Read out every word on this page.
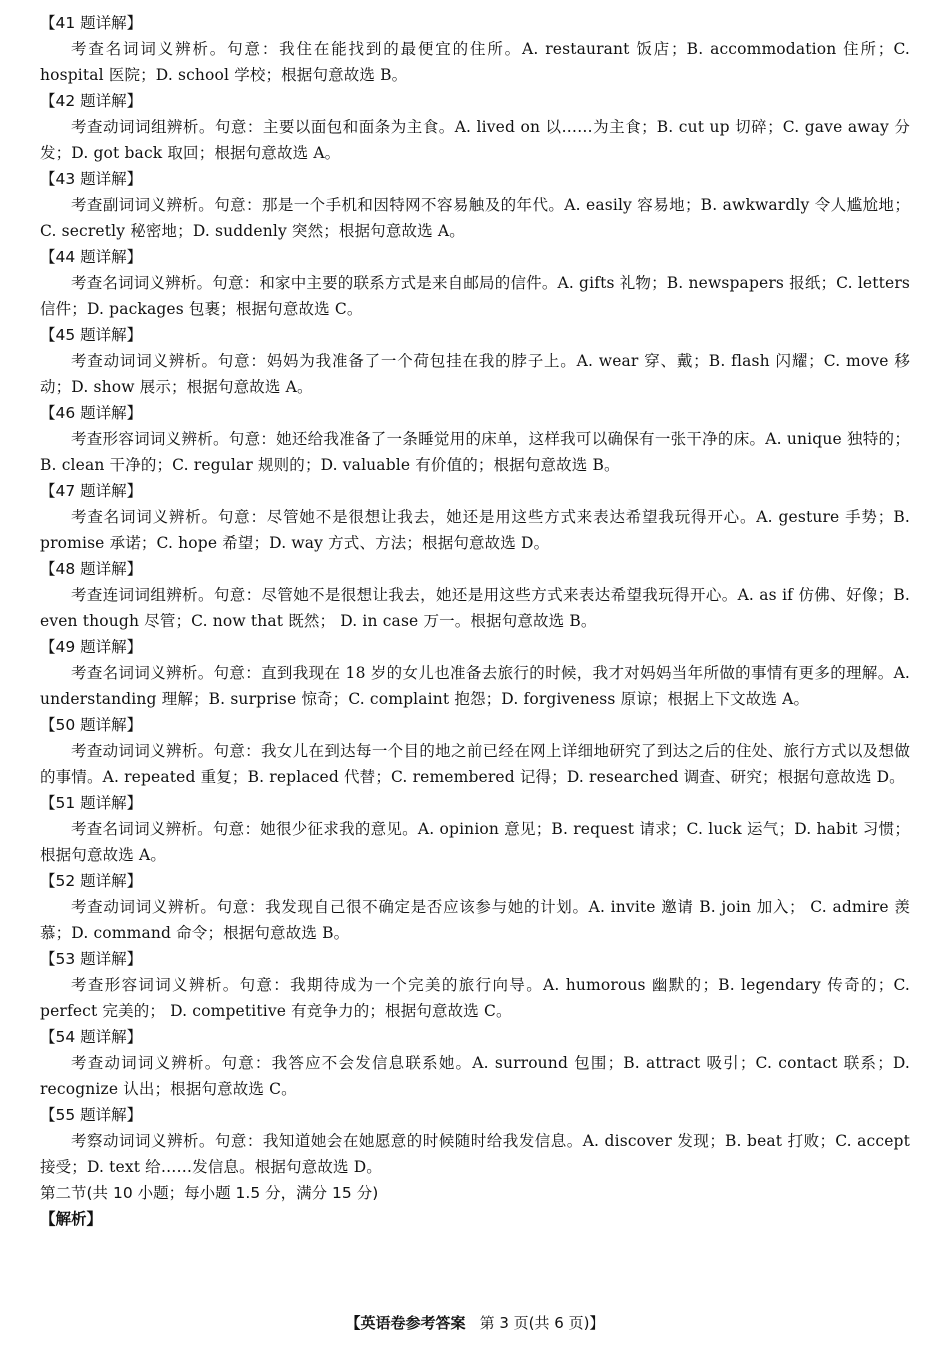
【41 题详解】
考查名词词义辨析。句意：我住在能找到的最便宜的住所。A. restaurant 饭店；B. accommodation 住所；C. hospital 医院；D. school 学校；根据句意故选 B。
【42 题详解】
考查动词词组辨析。句意：主要以面包和面条为主食。A. lived on 以……为主食；B. cut up 切碎；C. gave away 分发；D. got back 取回；根据句意故选 A。
【43 题详解】
考查副词词义辨析。句意：那是一个手机和因特网不容易触及的年代。A. easily 容易地；B. awkwardly 令人尴尬地；C. secretly 秘密地；D. suddenly 突然；根据句意故选 A。
【44 题详解】
考查名词词义辨析。句意：和家中主要的联系方式是来自邮局的信件。A. gifts 礼物；B. newspapers 报纸；C. letters 信件；D. packages 包裹；根据句意故选 C。
【45 题详解】
考查动词词义辨析。句意：妈妈为我准备了一个荷包挂在我的脖子上。A. wear 穿、戴；B. flash 闪耀；C. move 移动；D. show 展示；根据句意故选 A。
【46 题详解】
考查形容词词义辨析。句意：她还给我准备了一条睡觉用的床单，这样我可以确保有一张干净的床。A. unique 独特的；B. clean 干净的；C. regular 规则的；D. valuable 有价值的；根据句意故选 B。
【47 题详解】
考查名词词义辨析。句意：尽管她不是很想让我去，她还是用这些方式来表达希望我玩得开心。A. gesture 手势；B. promise 承诺；C. hope 希望；D. way 方式、方法；根据句意故选 D。
【48 题详解】
考查连词词组辨析。句意：尽管她不是很想让我去，她还是用这些方式来表达希望我玩得开心。A. as if 仿佛、好像；B. even though 尽管；C. now that 既然； D. in case 万一。根据句意故选 B。
【49 题详解】
考查名词词义辨析。句意：直到我现在 18 岁的女儿也准备去旅行的时候，我才对妈妈当年所做的事情有更多的理解。A. understanding 理解；B. surprise 惊奇；C. complaint 抱怨；D. forgiveness 原谅；根据上下文故选 A。
【50 题详解】
考查动词词义辨析。句意：我女儿在到达每一个目的地之前已经在网上详细地研究了到达之后的住处、旅行方式以及想做的事情。A. repeated 重复；B. replaced 代替；C. remembered 记得；D. researched 调查、研究；根据句意故选 D。
【51 题详解】
考查名词词义辨析。句意：她很少征求我的意见。A. opinion 意见；B. request 请求；C. luck 运气；D. habit 习惯；根据句意故选 A。
【52 题详解】
考查动词词义辨析。句意：我发现自己很不确定是否应该参与她的计划。A. invite 邀请 B. join 加入； C. admire 羡慕；D. command 命令；根据句意故选 B。
【53 题详解】
考查形容词词义辨析。句意：我期待成为一个完美的旅行向导。A. humorous 幽默的；B. legendary 传奇的；C. perfect 完美的； D. competitive 有竞争力的；根据句意故选 C。
【54 题详解】
考查动词词义辨析。句意：我答应不会发信息联系她。A. surround 包围；B. attract 吸引；C. contact 联系；D. recognize 认出；根据句意故选 C。
【55 题详解】
考察动词词义辨析。句意：我知道她会在她愿意的时候随时给我发信息。A. discover 发现；B. beat 打败；C. accept 接受；D. text 给……发信息。根据句意故选 D。
第二节(共 10 小题；每小题 1.5 分，满分 15 分)
【解析】
【英语卷参考答案 第 3 页(共 6 页)】
